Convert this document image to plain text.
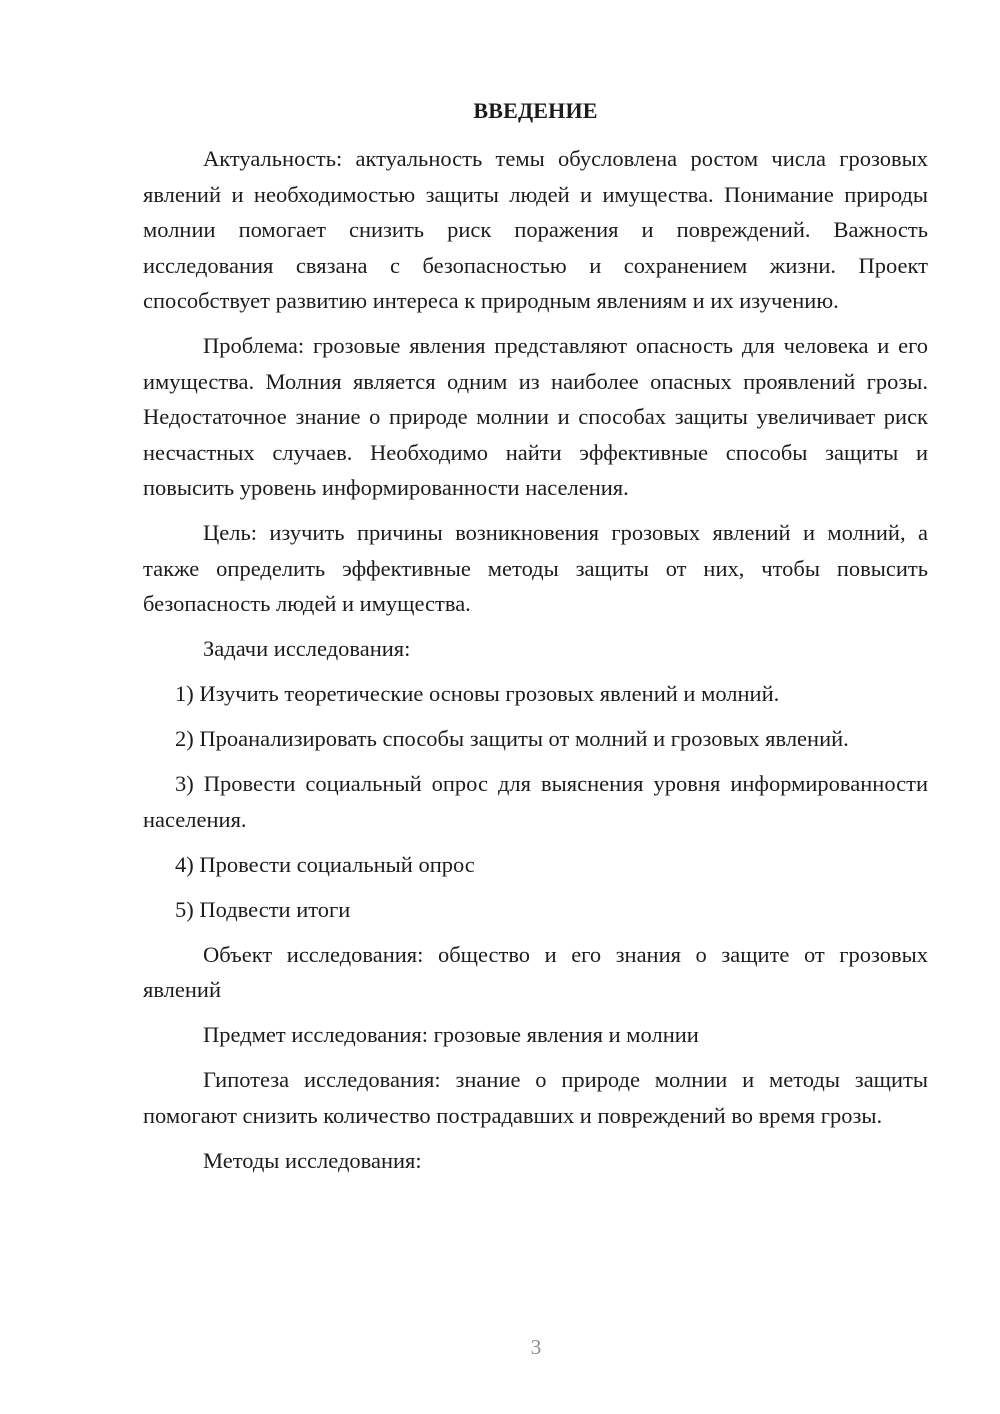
ВВЕДЕНИЕ

Актуальность: актуальность темы обусловлена ростом числа грозовых явлений и необходимостью защиты людей и имущества. Понимание природы молнии помогает снизить риск поражения и повреждений. Важность исследования связана с безопасностью и сохранением жизни. Проект способствует развитию интереса к природным явлениям и их изучению.

Проблема: грозовые явления представляют опасность для человека и его имущества. Молния является одним из наиболее опасных проявлений грозы. Недостаточное знание о природе молнии и способах защиты увеличивает риск несчастных случаев. Необходимо найти эффективные способы защиты и повысить уровень информированности населения.

Цель: изучить причины возникновения грозовых явлений и молний, а также определить эффективные методы защиты от них, чтобы повысить безопасность людей и имущества.

Задачи исследования:

1) Изучить теоретические основы грозовых явлений и молний.

2) Проанализировать способы защиты от молний и грозовых явлений.

3) Провести социальный опрос для выяснения уровня информированности населения.

4) Провести социальный опрос

5) Подвести итоги

Объект исследования: общество и его знания о защите от грозовых явлений

Предмет исследования: грозовые явления и молнии

Гипотеза исследования: знание о природе молнии и методы защиты помогают снизить количество пострадавших и повреждений во время грозы.

Методы исследования:

3
